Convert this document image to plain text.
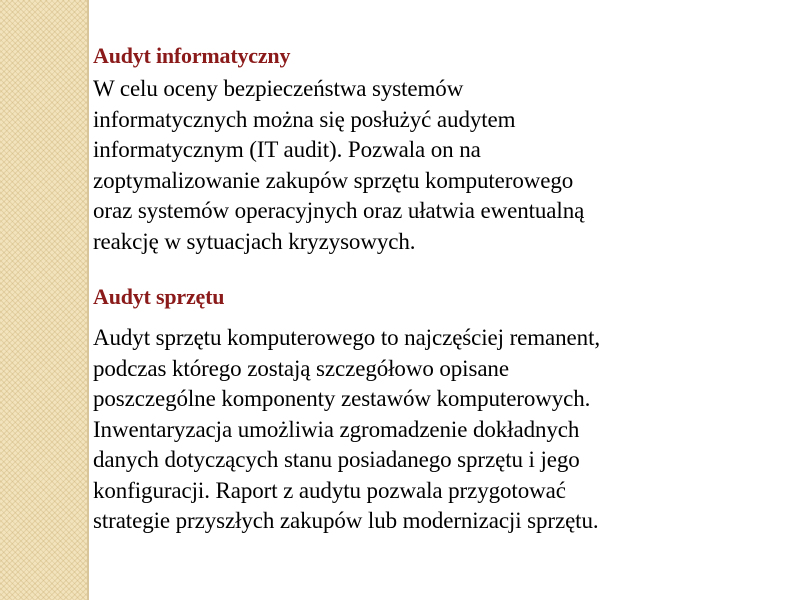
Audyt informatyczny

W celu oceny bezpieczeństwa systemów
informatycznych można się posłużyć audytem
informatycznym (IT audit). Pozwala on na
zoptymalizowanie zakupów sprzętu komputerowego
oraz systemów operacyjnych oraz ułatwia ewentualną
reakcję w sytuacjach kryzysowych.

Audyt sprzętu

Audyt sprzętu komputerowego to najczęściej remanent,
podczas którego zostają szczegółowo opisane
poszczególne komponenty zestawów komputerowych.
Inwentaryzacja umożliwia zgromadzenie dokładnych
danych dotyczących stanu posiadanego sprzętu i jego
konfiguracji. Raport z audytu pozwala przygotować
strategie przyszłych zakupów lub modernizacji sprzętu.
